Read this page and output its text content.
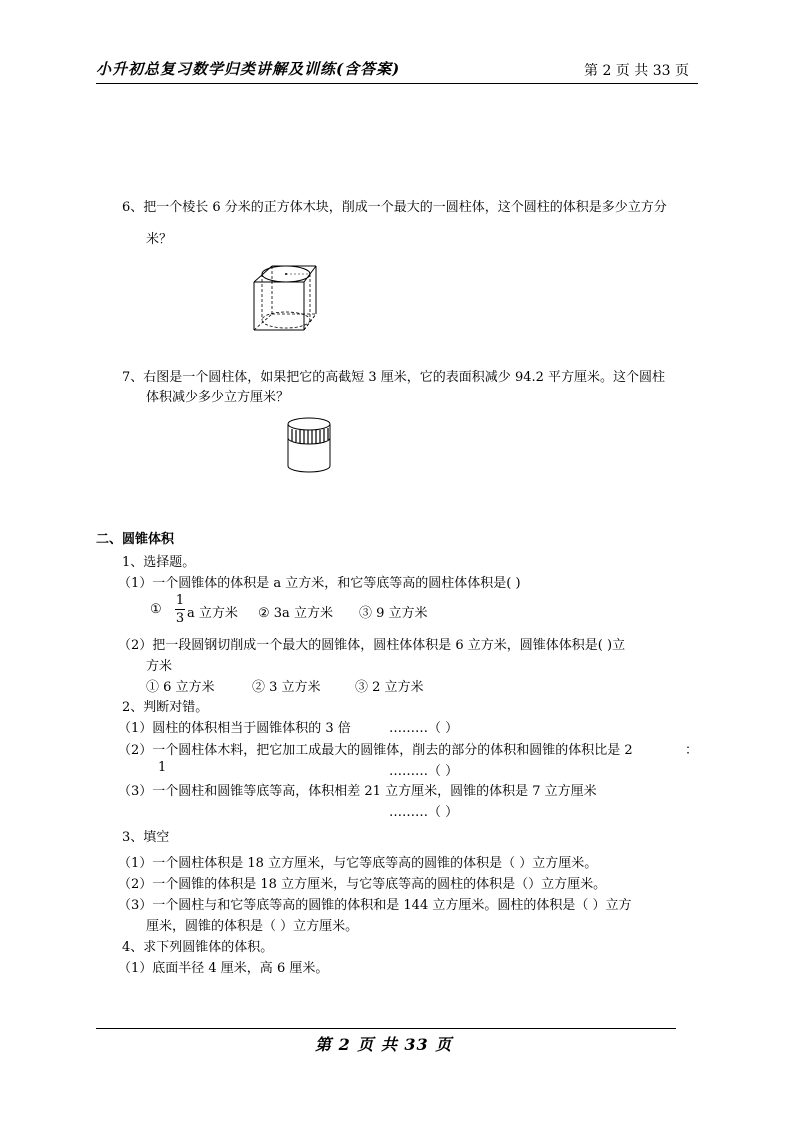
小升初总复习数学归类讲解及训练(含答案)	第 2 页 共 33 页
6、把一个棱长 6 分米的正方体木块，削成一个最大的一圆柱体，这个圆柱的体积是多少立方分
米？
7、右图是一个圆柱体，如果把它的高截短 3 厘米，它的表面积减少 94.2 平方厘米。这个圆柱
体积减少多少立方厘米？
二、圆锥体积
1、选择题。
（1）一个圆锥体的体积是 a 立方米，和它等底等高的圆柱体体积是( )
①
1
3 a 立方米 ② 3a 立方米 ③ 9 立方米
（2）把一段圆钢切削成一个最大的圆锥体，圆柱体体积是 6 立方米，圆锥体体积是( )立
方米
① 6 立方米	② 3 立方米	③ 2 立方米
2、判断对错。
（1）圆柱的体积相当于圆锥体积的 3 倍	………（ ）
（2）一个圆柱体木料，把它加工成最大的圆锥体，削去的部分的体积和圆锥的体积比是 2	：
1	………（ ）
（3）一个圆柱和圆锥等底等高，体积相差 21 立方厘米，圆锥的体积是 7 立方厘米
………（ ）
3、填空
（1）一个圆柱体积是 18 立方厘米，与它等底等高的圆锥的体积是（ ）立方厘米。
（2）一个圆锥的体积是 18 立方厘米，与它等底等高的圆柱的体积是（）立方厘米。
（3）一个圆柱与和它等底等高的圆锥的体积和是 144 立方厘米。圆柱的体积是（ ）立方
厘米，圆锥的体积是（ ）立方厘米。
4、求下列圆锥体的体积。
（1）底面半径 4 厘米，高 6 厘米。
第 2 页 共 33 页
